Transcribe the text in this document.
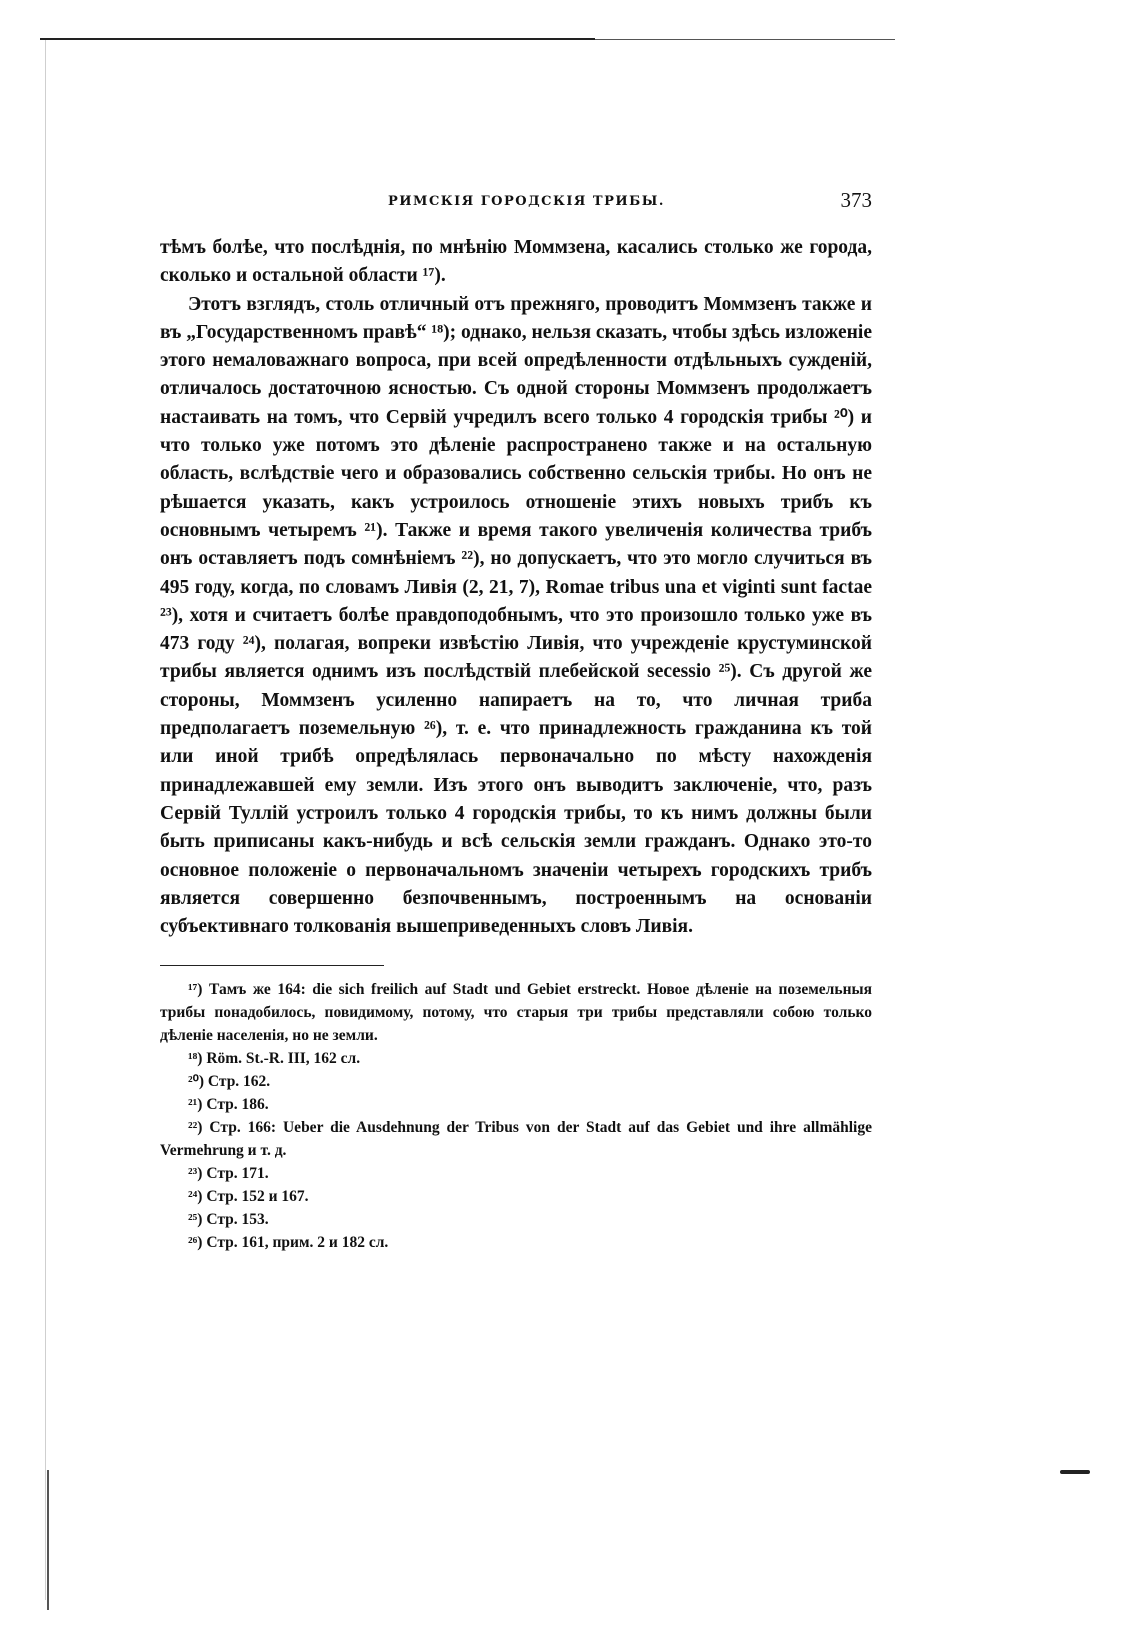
РИМСКІЯ ГОРОДСКІЯ ТРИБЫ.	373

тѣмъ болѣе, что послѣднія, по мнѣнію Моммзена, касались столько же города, сколько и остальной области ¹⁷).

Этотъ взглядъ, столь отличный отъ прежняго, проводитъ Моммзенъ также и въ „Государственномъ правѣ“ ¹⁸); однако, нельзя сказать, чтобы здѣсь изложеніе этого немаловажнаго вопроса, при всей опредѣленности отдѣльныхъ сужденій, отличалось достаточною ясностью. Съ одной стороны Моммзенъ продолжаетъ настаивать на томъ, что Сервій учредилъ всего только 4 городскія трибы ²⁰) и что только уже потомъ это дѣленіе распространено также и на остальную область, вслѣдствіе чего и образовались собственно сельскія трибы. Но онъ не рѣшается указать, какъ устроилось отношеніе этихъ новыхъ трибъ къ основнымъ четыремъ ²¹). Также и время такого увеличенія количества трибъ онъ оставляетъ подъ сомнѣніемъ ²²), но допускаетъ, что это могло случиться въ 495 году, когда, по словамъ Ливія (2, 21, 7), Romae tribus una et viginti sunt factae ²³), хотя и считаетъ болѣе правдоподобнымъ, что это произошло только уже въ 473 году ²⁴), полагая, вопреки извѣстію Ливія, что учрежденіе крустуминской трибы является однимъ изъ послѣдствій плебейской secessio ²⁵). Съ другой же стороны, Моммзенъ усиленно напираетъ на то, что личная триба предполагаетъ поземельную ²⁶), т. е. что принадлежность гражданина къ той или иной трибѣ опредѣлялась первоначально по мѣсту нахожденія принадлежавшей ему земли. Изъ этого онъ выводитъ заключеніе, что, разъ Сервій Туллій устроилъ только 4 городскія трибы, то къ нимъ должны были быть приписаны какъ-нибудь и всѣ сельскія земли гражданъ. Однако это-то основное положеніе о первоначальномъ значеніи четырехъ городскихъ трибъ является совершенно безпочвеннымъ, построеннымъ на основаніи субъективнаго толкованія вышеприведенныхъ словъ Ливія.

¹⁷) Тамъ же 164: die sich freilich auf Stadt und Gebiet erstreckt. Новое дѣленіе на поземельныя трибы понадобилось, повидимому, потому, что старыя три трибы представляли собою только дѣленіе населенія, но не земли.

¹⁸) Röm. St.-R. III, 162 сл.

²⁰) Стр. 162.

²¹) Стр. 186.

²²) Стр. 166: Ueber die Ausdehnung der Tribus von der Stadt auf das Gebiet und ihre allmählige Vermehrung и т. д.

²³) Стр. 171.

²⁴) Стр. 152 и 167.

²⁵) Стр. 153.

²⁶) Стр. 161, прим. 2 и 182 сл.
